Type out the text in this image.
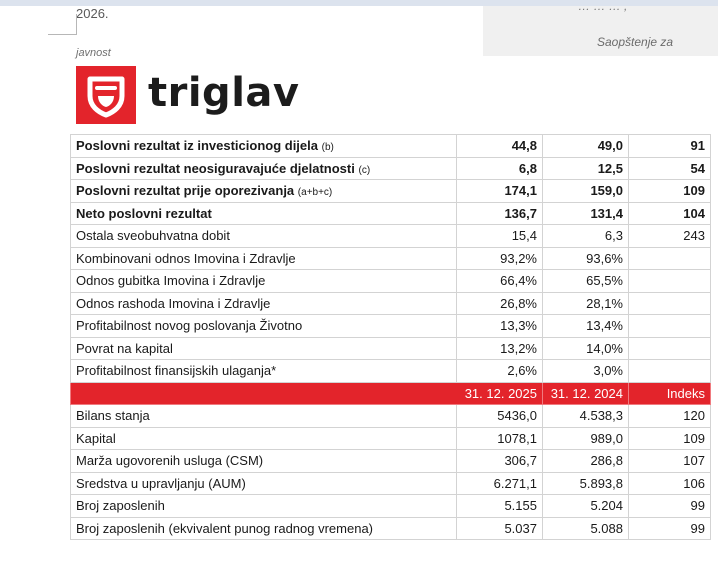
2026.	… … … ,
Saopštenje za
javnost
triglav
Poslovni rezultat iz investicionog dijela (b)	44,8	49,0	91
Poslovni rezultat neosiguravajuće djelatnosti (c)	6,8	12,5	54
Poslovni rezultat prije oporezivanja (a+b+c)	174,1	159,0	109
Neto poslovni rezultat	136,7	131,4	104
Ostala sveobuhvatna dobit	15,4	6,3	243
Kombinovani odnos Imovina i Zdravlje	93,2%	93,6%	
Odnos gubitka Imovina i Zdravlje	66,4%	65,5%	
Odnos rashoda Imovina i Zdravlje	26,8%	28,1%	
Profitabilnost novog poslovanja Životno	13,3%	13,4%	
Povrat na kapital	13,2%	14,0%	
Profitabilnost finansijskih ulaganja*	2,6%	3,0%	
	31. 12. 2025	31. 12. 2024	Indeks
Bilans stanja	5436,0	4.538,3	120
Kapital	1078,1	989,0	109
Marža ugovorenih usluga (CSM)	306,7	286,8	107
Sredstva u upravljanju (AUM)	6.271,1	5.893,8	106
Broj zaposlenih	5.155	5.204	99
Broj zaposlenih (ekvivalent punog radnog vremena)	5.037	5.088	99
